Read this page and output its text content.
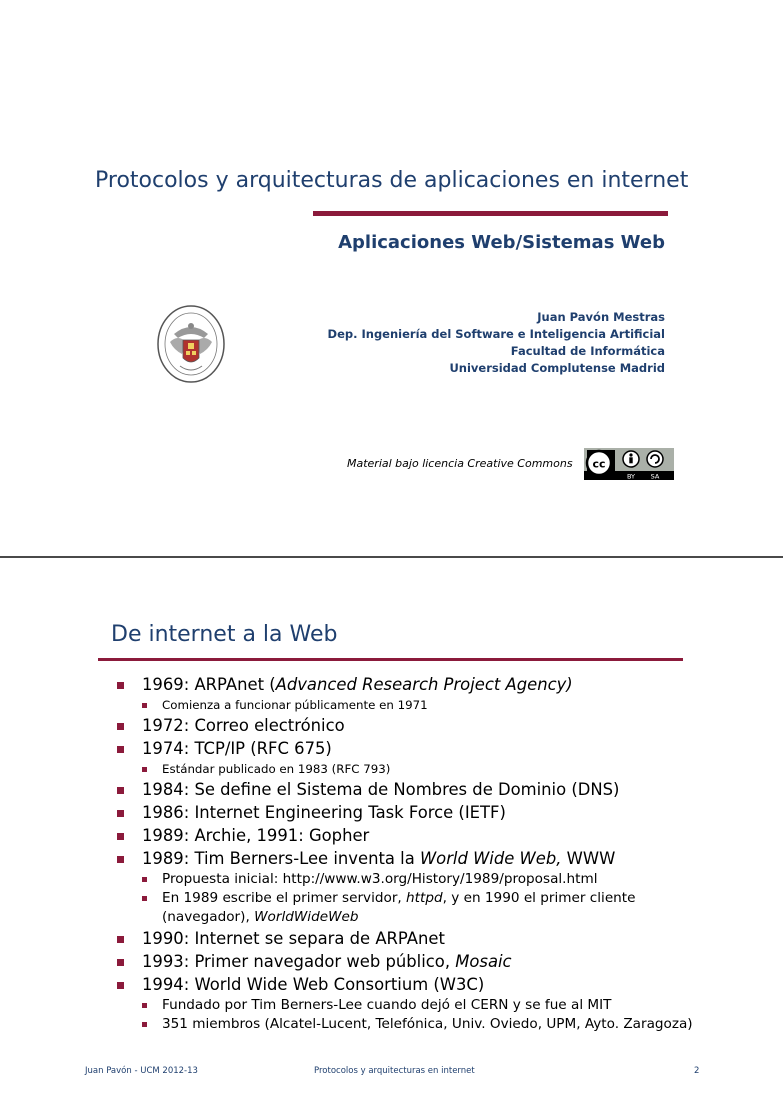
Protocolos y arquitecturas de aplicaciones en internet
Aplicaciones Web/Sistemas Web
Juan Pavón Mestras
Dep. Ingeniería del Software e Inteligencia Artificial
Facultad de Informática
Universidad Complutense Madrid
Material bajo licencia Creative Commons cc
BY SA
De internet a la Web
1969: ARPAnet (Advanced Research Project Agency)
Comienza a funcionar públicamente en 1971
1972: Correo electrónico
1974: TCP/IP (RFC 675)
Estándar publicado en 1983 (RFC 793)
1984: Se define el Sistema de Nombres de Dominio (DNS)
1986: Internet Engineering Task Force (IETF)
1989: Archie, 1991: Gopher
1989: Tim Berners-Lee inventa la World Wide Web, WWW
Propuesta inicial: http://www.w3.org/History/1989/proposal.html
En 1989 escribe el primer servidor, httpd, y en 1990 el primer cliente (navegador), WorldWideWeb
1990: Internet se separa de ARPAnet
1993: Primer navegador web público, Mosaic
1994: World Wide Web Consortium (W3C)
Fundado por Tim Berners-Lee cuando dejó el CERN y se fue al MIT
351 miembros (Alcatel-Lucent, Telefónica, Univ. Oviedo, UPM, Ayto. Zaragoza)
Juan Pavón - UCM 2012-13	Protocolos y arquitecturas en internet	2
